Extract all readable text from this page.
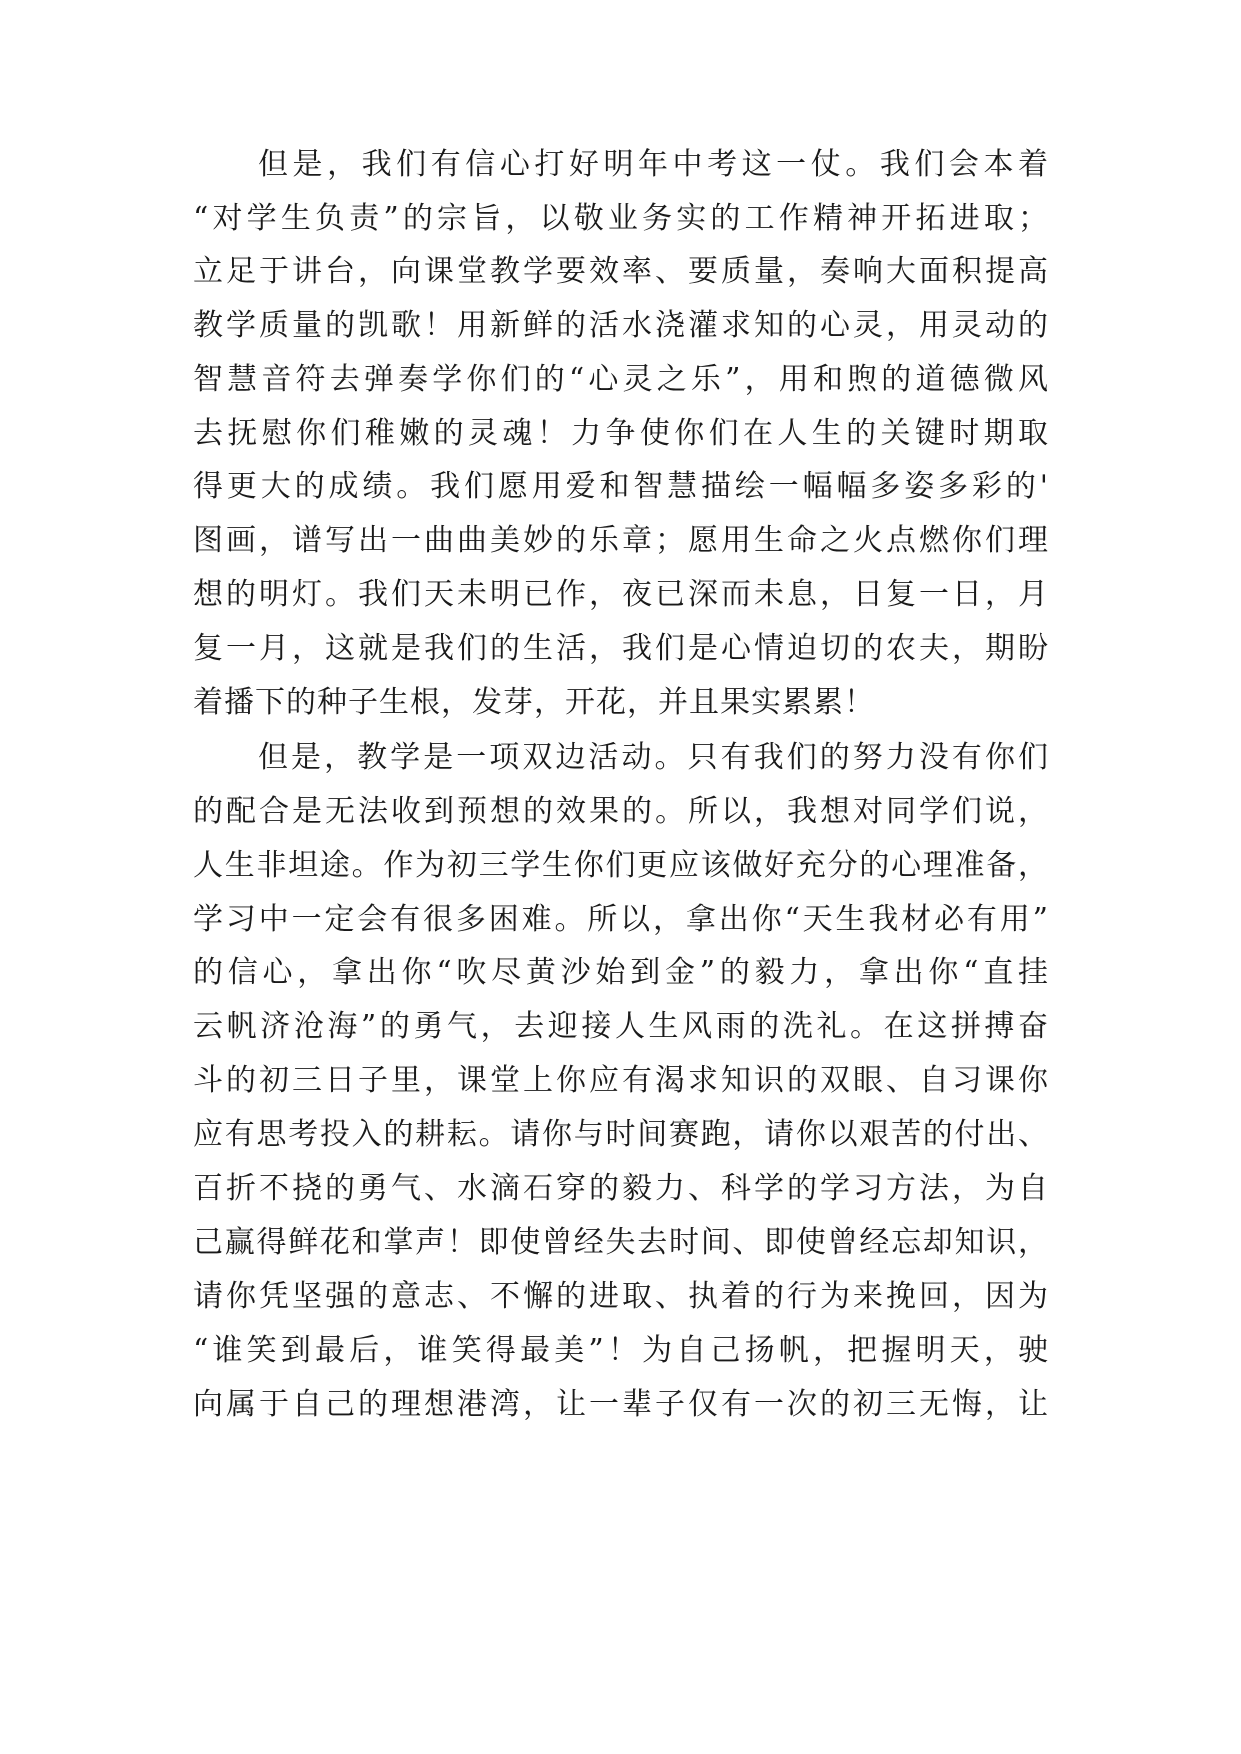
但是，我们有信心打好明年中考这一仗。我们会本着
“对学生负责”的宗旨，以敬业务实的工作精神开拓进取；
立足于讲台，向课堂教学要效率、要质量，奏响大面积提高
教学质量的凯歌！用新鲜的活水浇灌求知的心灵，用灵动的
智慧音符去弹奏学你们的“心灵之乐”，用和煦的道德微风
去抚慰你们稚嫩的灵魂！力争使你们在人生的关键时期取
得更大的成绩。我们愿用爱和智慧描绘一幅幅多姿多彩的'
图画，谱写出一曲曲美妙的乐章；愿用生命之火点燃你们理
想的明灯。我们天未明已作，夜已深而未息，日复一日，月
复一月，这就是我们的生活，我们是心情迫切的农夫，期盼
着播下的种子生根，发芽，开花，并且果实累累！
但是，教学是一项双边活动。只有我们的努力没有你们
的配合是无法收到预想的效果的。所以，我想对同学们说，
人生非坦途。作为初三学生你们更应该做好充分的心理准备，
学习中一定会有很多困难。所以，拿出你“天生我材必有用”
的信心，拿出你“吹尽黄沙始到金”的毅力，拿出你“直挂
云帆济沧海”的勇气，去迎接人生风雨的洗礼。在这拼搏奋
斗的初三日子里，课堂上你应有渴求知识的双眼、自习课你
应有思考投入的耕耘。请你与时间赛跑，请你以艰苦的付出、
百折不挠的勇气、水滴石穿的毅力、科学的学习方法，为自
己赢得鲜花和掌声！即使曾经失去时间、即使曾经忘却知识，
请你凭坚强的意志、不懈的进取、执着的行为来挽回，因为
“谁笑到最后，谁笑得最美”！为自己扬帆，把握明天，驶
向属于自己的理想港湾，让一辈子仅有一次的初三无悔，让
